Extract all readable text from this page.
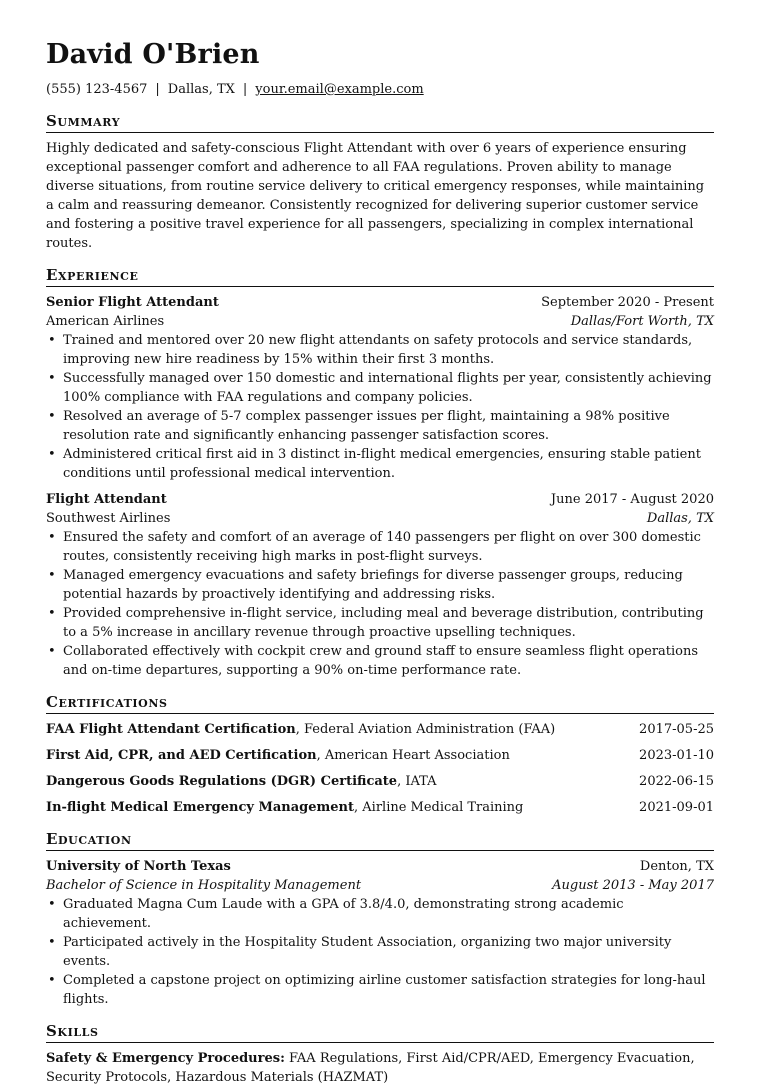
David O'Brien
(555) 123-4567 | Dallas, TX | your.email@example.com
Summary

Highly dedicated and safety-conscious Flight Attendant with over 6 years of experience ensuring exceptional passenger comfort and adherence to all FAA regulations. Proven ability to manage diverse situations, from routine service delivery to critical emergency responses, while maintaining a calm and reassuring demeanor. Consistently recognized for delivering superior customer service and fostering a positive travel experience for all passengers, specializing in complex international routes.

Experience
Senior Flight Attendant	September 2020 - Present
American Airlines	Dallas/Fort Worth, TX
• Trained and mentored over 20 new flight attendants on safety protocols and service standards, improving new hire readiness by 15% within their first 3 months.
• Successfully managed over 150 domestic and international flights per year, consistently achieving 100% compliance with FAA regulations and company policies.
• Resolved an average of 5-7 complex passenger issues per flight, maintaining a 98% positive resolution rate and significantly enhancing passenger satisfaction scores.
• Administered critical first aid in 3 distinct in-flight medical emergencies, ensuring stable patient conditions until professional medical intervention.
Flight Attendant	June 2017 - August 2020
Southwest Airlines	Dallas, TX
• Ensured the safety and comfort of an average of 140 passengers per flight on over 300 domestic routes, consistently receiving high marks in post-flight surveys.
• Managed emergency evacuations and safety briefings for diverse passenger groups, reducing potential hazards by proactively identifying and addressing risks.
• Provided comprehensive in-flight service, including meal and beverage distribution, contributing to a 5% increase in ancillary revenue through proactive upselling techniques.
• Collaborated effectively with cockpit crew and ground staff to ensure seamless flight operations and on-time departures, supporting a 90% on-time performance rate.
Certifications
FAA Flight Attendant Certification, Federal Aviation Administration (FAA)	2017-05-25
First Aid, CPR, and AED Certification, American Heart Association	2023-01-10
Dangerous Goods Regulations (DGR) Certificate, IATA	2022-06-15
In-flight Medical Emergency Management, Airline Medical Training	2021-09-01
Education
University of North Texas	Denton, TX
Bachelor of Science in Hospitality Management	August 2013 - May 2017
• Graduated Magna Cum Laude with a GPA of 3.8/4.0, demonstrating strong academic achievement.
• Participated actively in the Hospitality Student Association, organizing two major university events.
• Completed a capstone project on optimizing airline customer satisfaction strategies for long-haul flights.
Skills

Safety & Emergency Procedures: FAA Regulations, First Aid/CPR/AED, Emergency Evacuation, Security Protocols, Hazardous Materials (HAZMAT)
